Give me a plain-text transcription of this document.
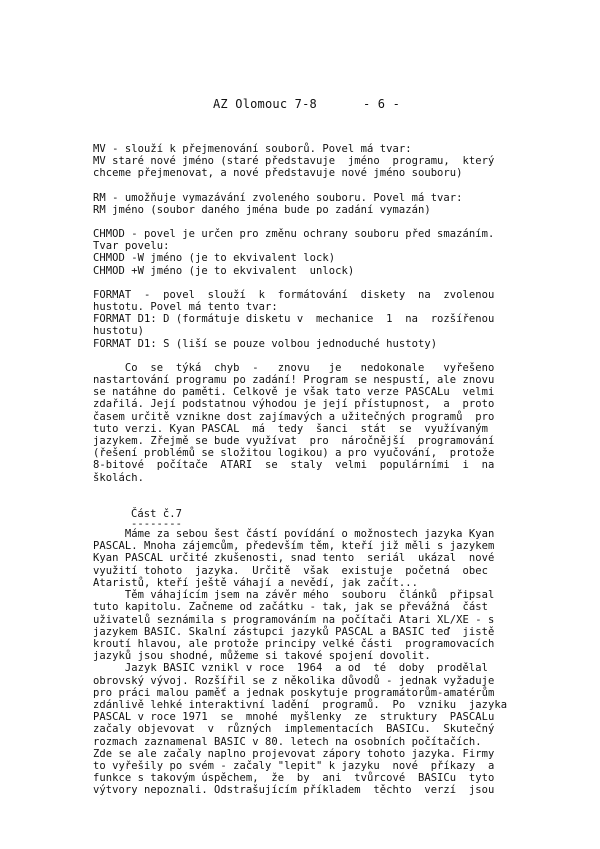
AZ Olomouc 7-8	- 6 -

MV - slouží k přejmenování souborů. Povel má tvar:

MV staré nové jméno (staré představuje  jméno  programu,  který

chceme přejmenovat, a nové představuje nové jméno souboru)

RM - umožňuje vymazávání zvoleného souboru. Povel má tvar:

RM jméno (soubor daného jména bude po zadání vymazán)

CHMOD - povel je určen pro změnu ochrany souboru před smazáním.

Tvar povelu:

CHMOD -W jméno (je to ekvivalent lock)

CHMOD +W jméno (je to ekvivalent  unlock)

FORMAT  -  povel  slouží  k  formátování  diskety  na  zvolenou

hustotu. Povel má tento tvar:

FORMAT D1: D (formátuje disketu v  mechanice  1  na  rozšířenou

hustotu)

FORMAT D1: S (liší se pouze volbou jednoduché hustoty)

Co  se  týká  chyb  -   znovu   je   nedokonale   vyřešeno

nastartování programu po zadání! Program se nespustí, ale znovu

se natáhne do paměti. Celkově je však tato verze PASCALu  velmi

zdařilá. Její podstatnou výhodou je její přístupnost,  a  proto

časem určitě vznikne dost zajímavých a užitečných programů  pro

tuto verzi. Kyan PASCAL  má  tedy  šanci  stát  se  využívaným

jazykem. Zřejmě se bude využívat  pro  náročnější  programování

(řešení problémů se složitou logikou) a pro vyučování,  protože

8-bitové  počítače  ATARI  se  staly  velmi  populárními  i  na

školách.

Část č.7

--------

Máme za sebou šest částí povídání o možnostech jazyka Kyan

PASCAL. Mnoha zájemcům, především těm, kteří již měli s jazykem

Kyan PASCAL určité zkušenosti, snad tento  seriál  ukázal  nové

využití tohoto  jazyka.  Určitě  však  existuje  početná  obec

Ataristů, kteří ještě váhají a nevědí, jak začít...

Těm váhajícím jsem na závěr mého  souboru  článků  připsal

tuto kapitolu. Začneme od začátku - tak, jak se převážná  část

uživatelů seznámila s programováním na počítači Atari XL/XE - s

jazykem BASIC. Skalní zástupci jazyků PASCAL a BASIC teď  jistě

kroutí hlavou, ale protože principy velké části  programovacích

jazyků jsou shodné, můžeme si takové spojení dovolit.

Jazyk BASIC vznikl v roce  1964  a od  té  doby  prodělal

obrovský vývoj. Rozšířil se z několika důvodů - jednak vyžaduje

pro práci malou paměť a jednak poskytuje programátorům-amatérům

zdánlivě lehké interaktivní ladění  programů.  Po  vzniku  jazyka

PASCAL v roce 1971  se  mnohé  myšlenky  ze  struktury  PASCALu

začaly objevovat  v  různých  implementacích  BASICu.  Skutečný

rozmach zaznamenal BASIC v 80. letech na osobních počítačích.

Zde se ale začaly naplno projevovat zápory tohoto jazyka. Firmy

to vyřešily po svém - začaly "lepit" k jazyku  nové  příkazy  a

funkce s takovým úspěchem,  že  by  ani  tvůrcové  BASICu  tyto

výtvory nepoznali. Odstrašujícím příkladem  těchto  verzí  jsou
